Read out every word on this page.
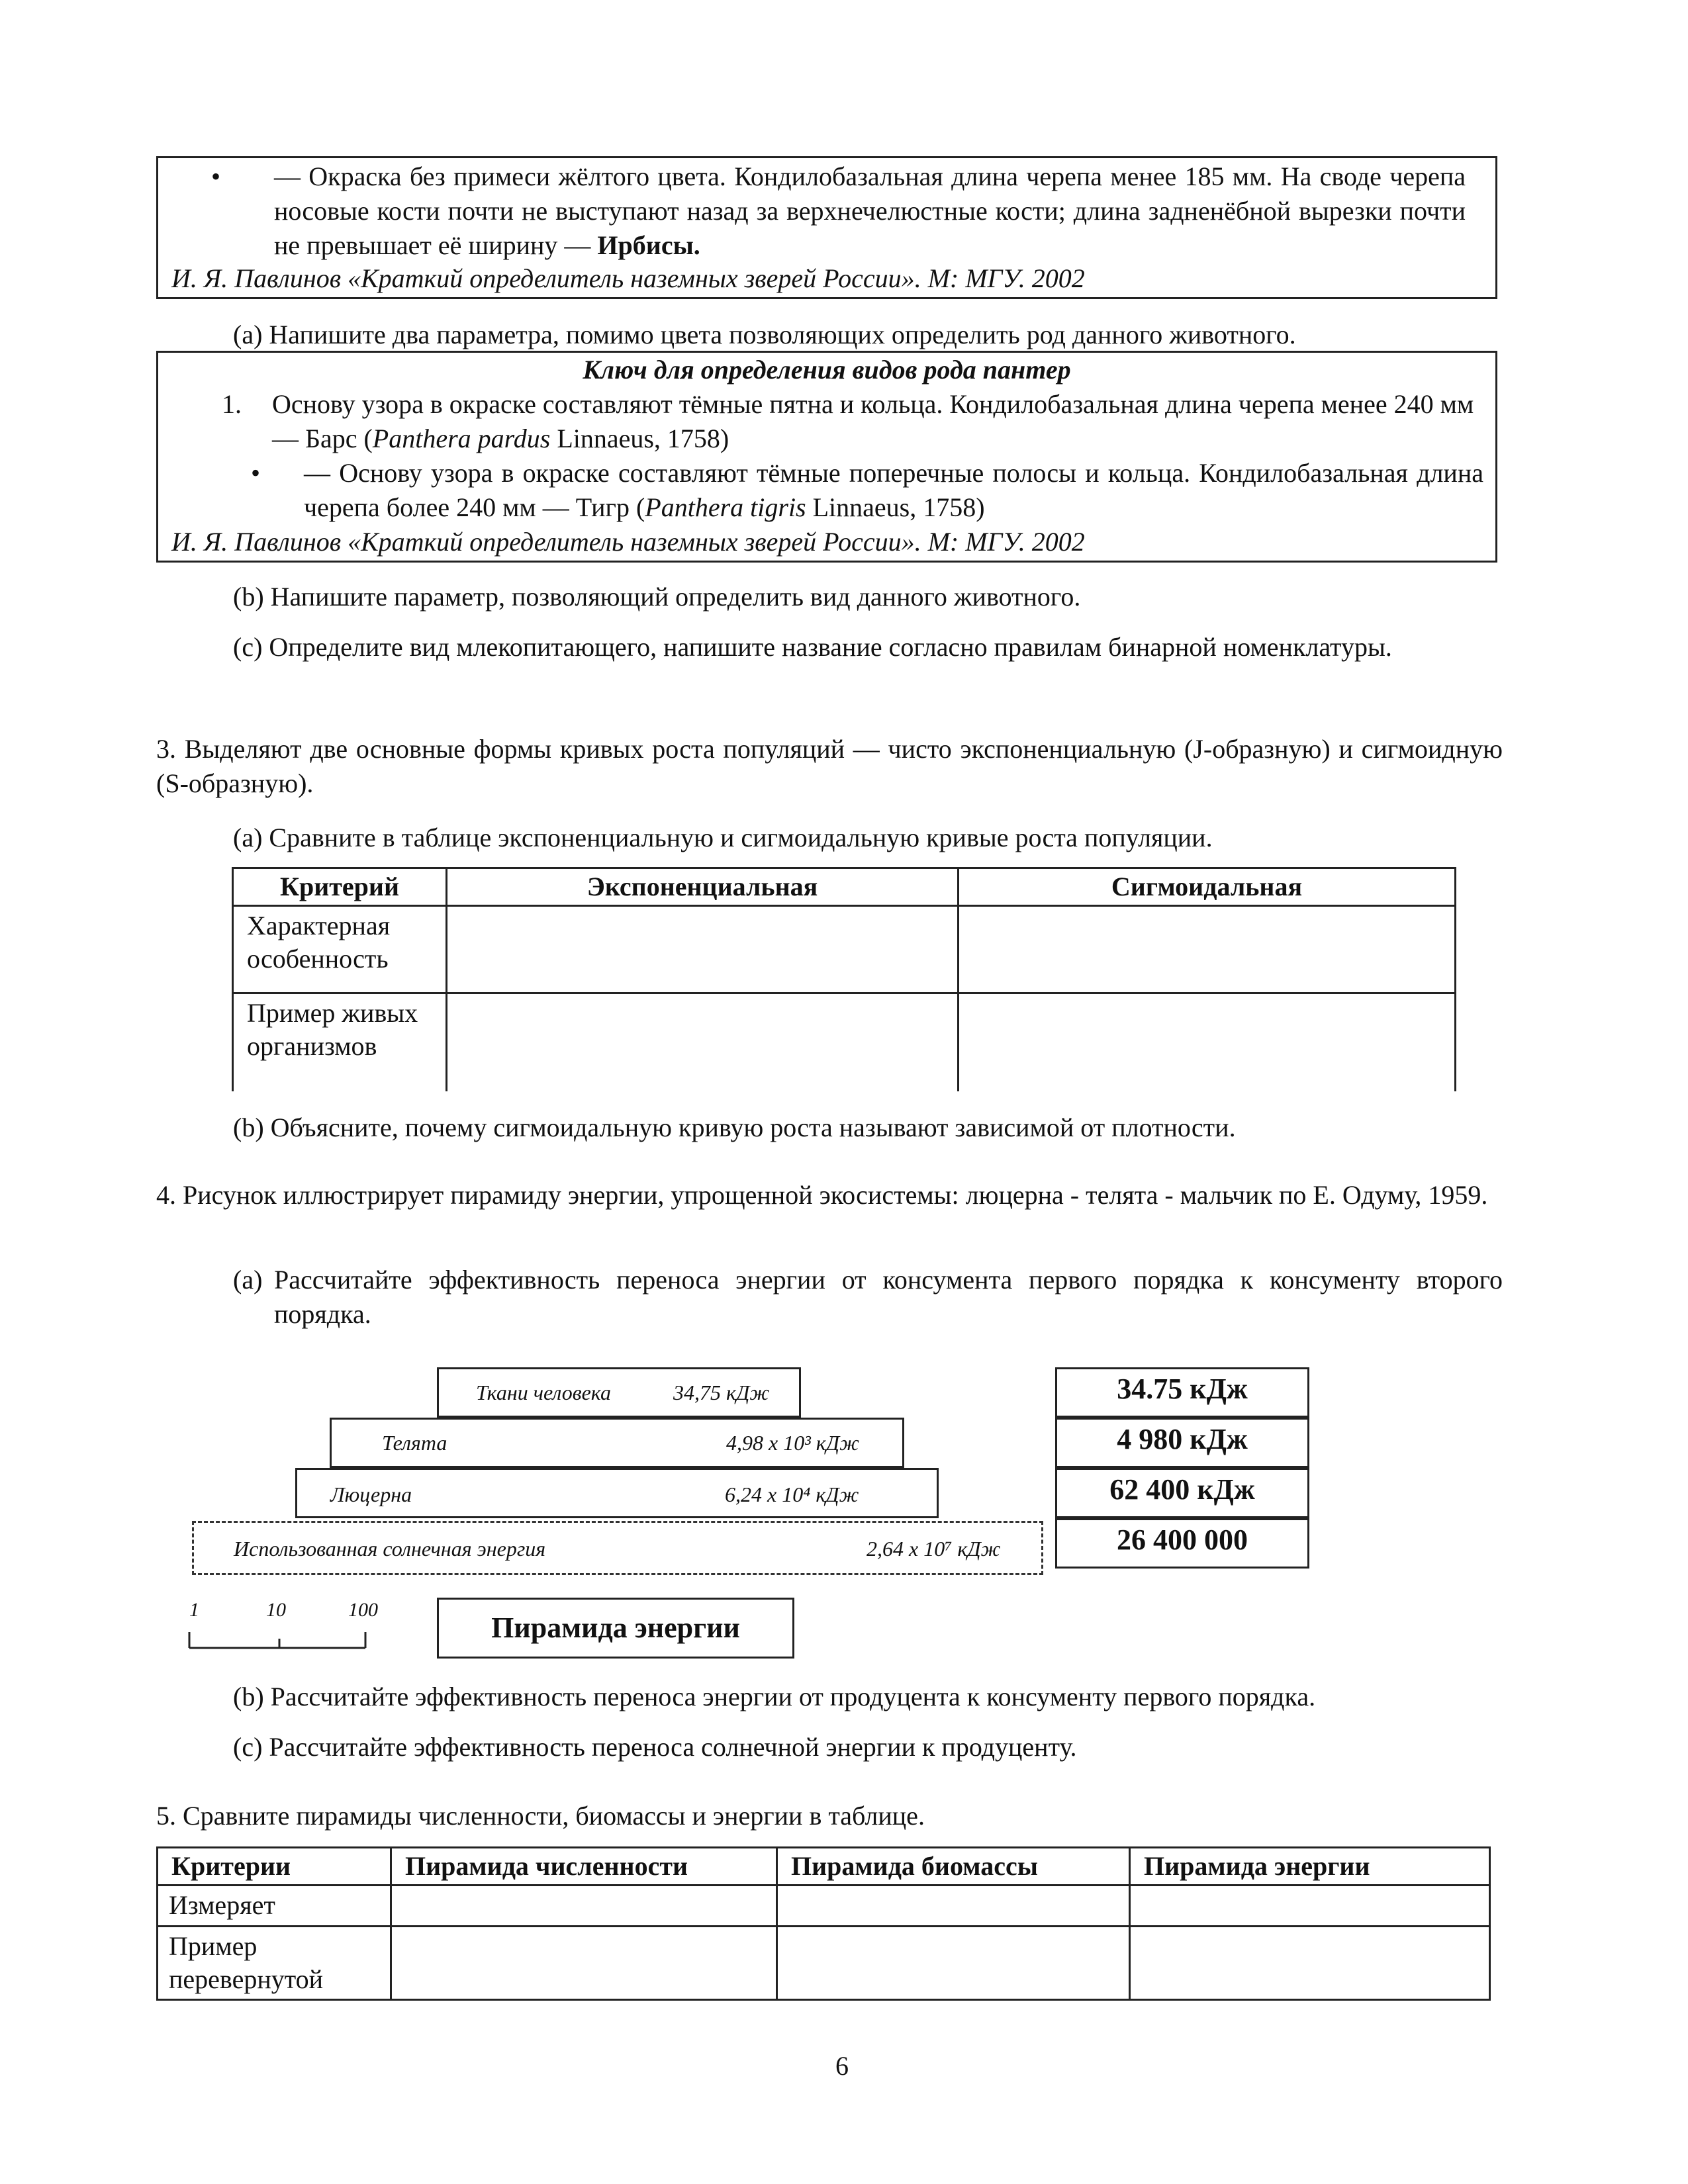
• — Окраска без примеси жёлтого цвета. Кондилобазальная длина черепа менее 185 мм. На своде черепа носовые кости почти не выступают назад за верхнечелюстные кости; длина задненёбной вырезки почти не превышает её ширину — Ирбисы.
И. Я. Павлинов «Краткий определитель наземных зверей России». М: МГУ. 2002
(a) Напишите два параметра, помимо цвета позволяющих определить род данного животного.
Ключ для определения видов рода пантер
1. Основу узора в окраске составляют тёмные пятна и кольца. Кондилобазальная длина черепа менее 240 мм — Барс (Panthera pardus Linnaeus, 1758)
• — Основу узора в окраске составляют тёмные поперечные полосы и кольца. Кондилобазальная длина черепа более 240 мм — Тигр (Panthera tigris Linnaeus, 1758)
И. Я. Павлинов «Краткий определитель наземных зверей России». М: МГУ. 2002
(b) Напишите параметр, позволяющий определить вид данного животного.
(c) Определите вид млекопитающего, напишите название согласно правилам бинарной номенклатуры.
3. Выделяют две основные формы кривых роста популяций — чисто экспоненциальную (J-образную) и сигмоидную (S-образную).
(a) Сравните в таблице экспоненциальную и сигмоидальную кривые роста популяции.
Критерий	Экспоненциальная	Сигмоидальная
Характерная особенность		
Пример живых организмов		
(b) Объясните, почему сигмоидальную кривую роста называют зависимой от плотности.
4. Рисунок иллюстрирует пирамиду энергии, упрощенной экосистемы: люцерна - телята - мальчик по Е. Одуму, 1959.
(a) Рассчитайте эффективность переноса энергии от консумента первого порядка к консументу второго порядка.
Ткани человека	34,75 кДж
Телята	4,98 x 10³ кДж
Люцерна	6,24 x 10⁴ кДж
Использованная солнечная энергия	2,64 x 10⁷ кДж
34.75 кДж
4 980 кДж
62 400 кДж
26 400 000
1	10	100
Пирамида энергии
(b) Рассчитайте эффективность переноса энергии от продуцента к консументу первого порядка.
(c) Рассчитайте эффективность переноса солнечной энергии к продуценту.
5. Сравните пирамиды численности, биомассы и энергии в таблице.
Критерии	Пирамида численности	Пирамида биомассы	Пирамида энергии
Измеряет			
Пример перевернутой			
6
